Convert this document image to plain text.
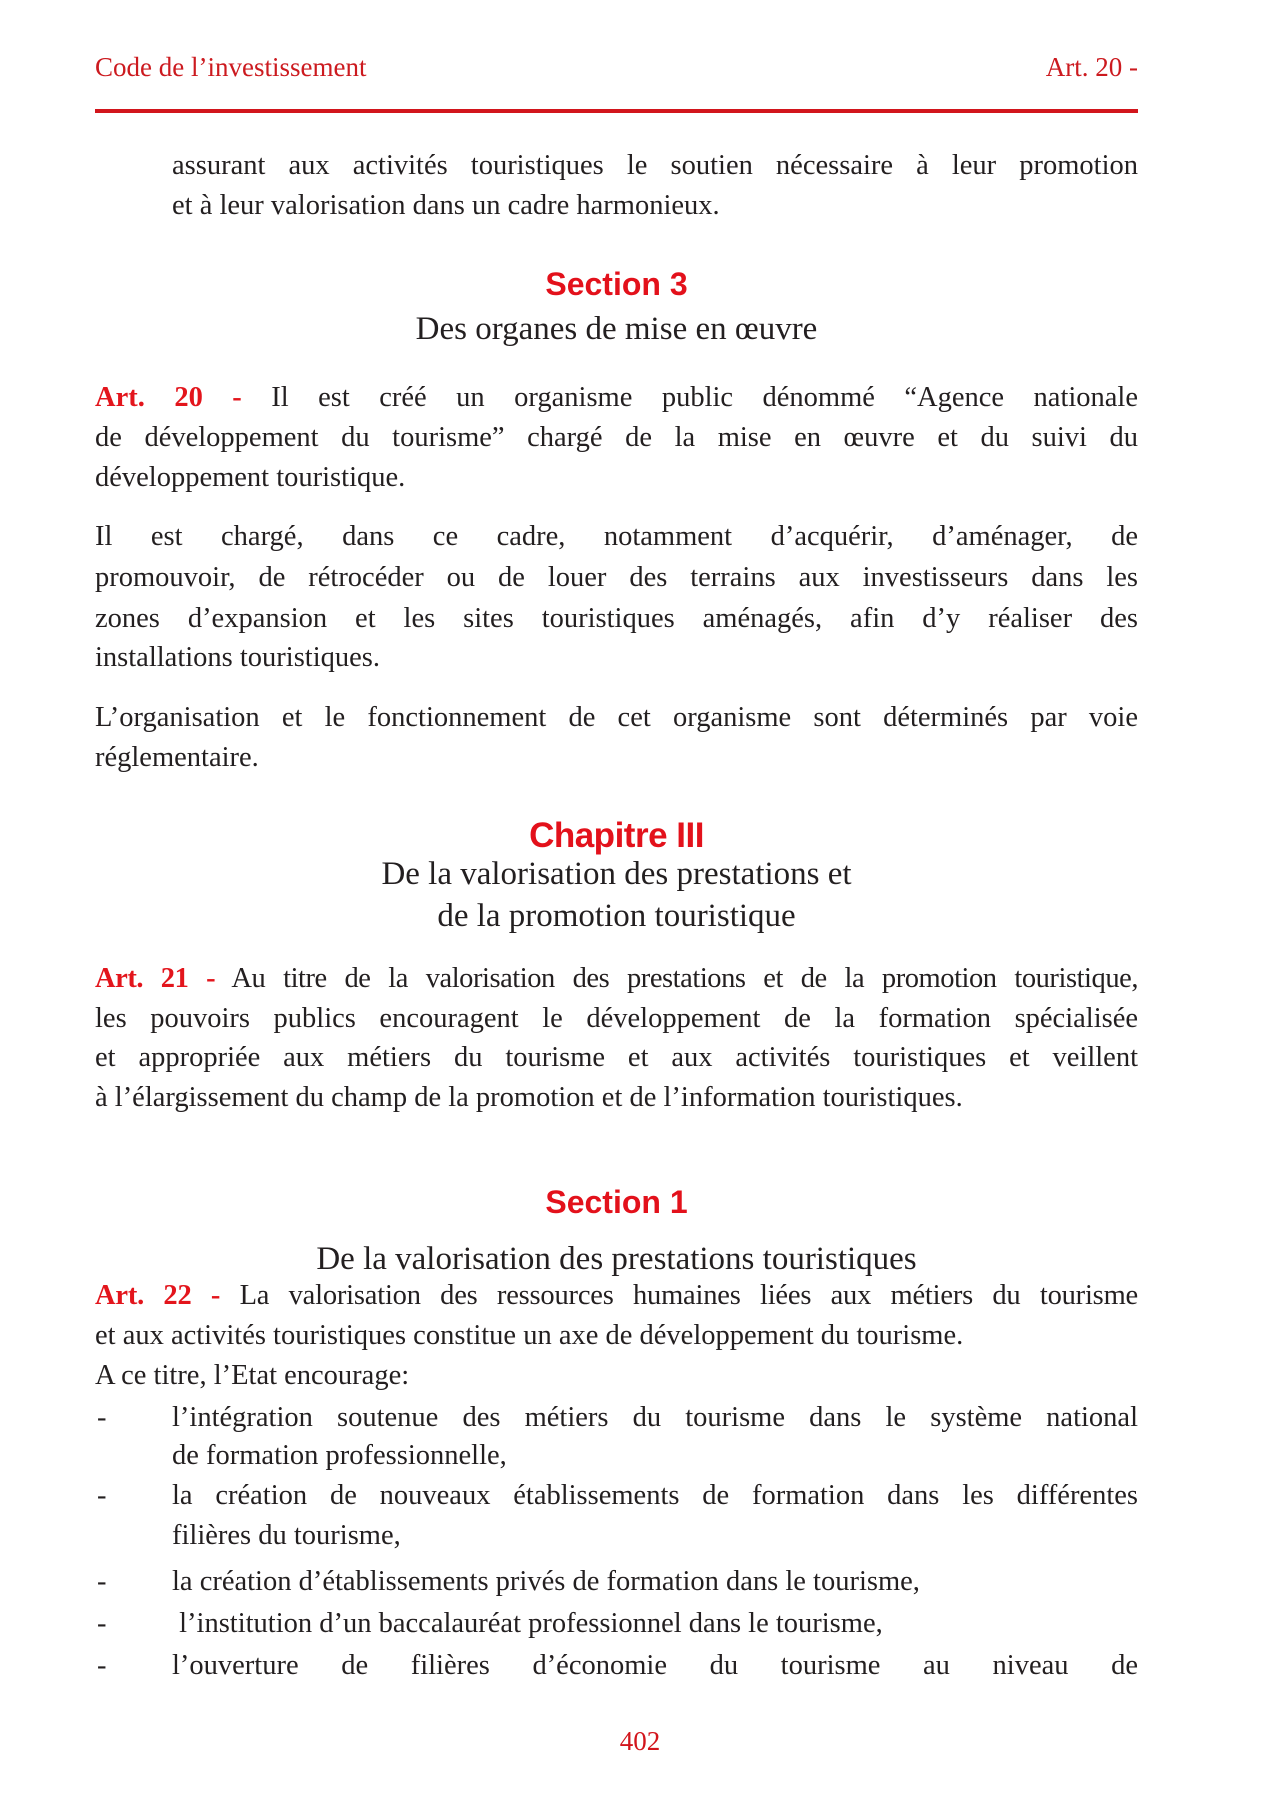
Code de l’investissement	Art. 20 -
assurant aux activités touristiques le soutien nécessaire à leur promotion
et à leur valorisation dans un cadre harmonieux.
Section 3
Des organes de mise en œuvre
Art. 20 - Il est créé un organisme public dénommé “Agence nationale
de développement du tourisme” chargé de la mise en œuvre et du suivi du
développement touristique.
Il est chargé, dans ce cadre, notamment d’acquérir, d’aménager, de
promouvoir, de rétrocéder ou de louer des terrains aux investisseurs dans les
zones d’expansion et les sites touristiques aménagés, afin d’y réaliser des
installations touristiques.
L’organisation et le fonctionnement de cet organisme sont déterminés par voie
réglementaire.
Chapitre III
De la valorisation des prestations et
de la promotion touristique
Art. 21 - Au titre de la valorisation des prestations et de la promotion touristique,
les pouvoirs publics encouragent le développement de la formation spécialisée
et appropriée aux métiers du tourisme et aux activités touristiques et veillent
à l’élargissement du champ de la promotion et de l’information touristiques.
Section 1
De la valorisation des prestations touristiques
Art. 22 - La valorisation des ressources humaines liées aux métiers du tourisme
et aux activités touristiques constitue un axe de développement du tourisme.
A ce titre, l’Etat encourage:
- l’intégration soutenue des métiers du tourisme dans le système national
de formation professionnelle,
- la création de nouveaux établissements de formation dans les différentes
filières du tourisme,
- la création d’établissements privés de formation dans le tourisme,
- l’institution d’un baccalauréat professionnel dans le tourisme,
- l’ouverture de filières d’économie du tourisme au niveau de
402
